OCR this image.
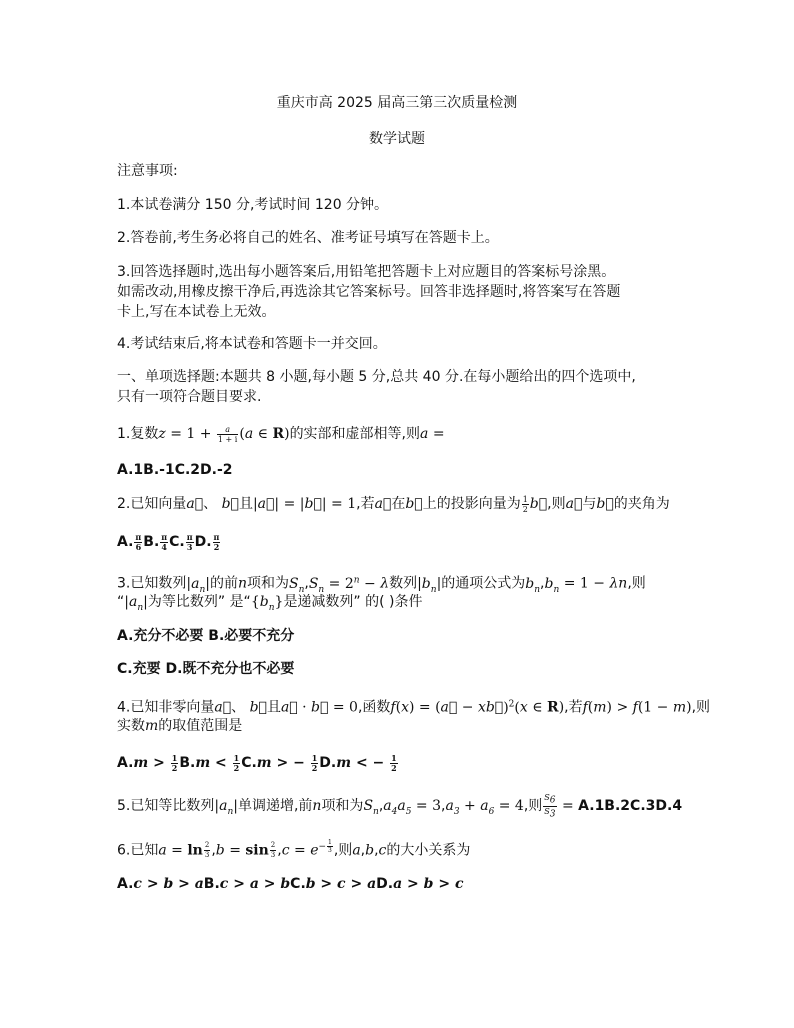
重庆市高 2025 届高三第三次质量检测
数学试题
注意事项:
1.本试卷满分 150 分,考试时间 120 分钟。
2.答卷前,考生务必将自己的姓名、准考证号填写在答题卡上。
3.回答选择题时,选出每小题答案后,用铅笔把答题卡上对应题目的答案标号涂黑。
如需改动,用橡皮擦干净后,再选涂其它答案标号。回答非选择题时,将答案写在答题
卡上,写在本试卷上无效。
4.考试结束后,将本试卷和答题卡一并交回。
一、单项选择题:本题共 8 小题,每小题 5 分,总共 40 分.在每小题给出的四个选项中,
只有一项符合题目要求.
1.复数$z = 1 + \frac{a}{1 + i} (a$ ∈ R)的实部和虚部相等,则a =
A.1B.-1C.2D.-2
2.已知向量a⃗、 b⃗且|a⃗| = |b⃗| = 1,若a⃗在b⃗上的投影向量为 $\frac{1}{2}$ b⃗,则a⃗与b⃗的夹角为
A. $\frac{\pi}{6} B$. $\frac{\pi}{4} C$. $\frac{\pi}{3} D$. $\frac{\pi}{2}$
3.已知数列$|a_n|$的前n项和为$S_n,S_n = 2^n - \lambda$数列$|b_n|$的通项公式为$b_n,b_n = 1 - \lambda n$,则
“$|a_n|$为等比数列” 是“$\{b_n\}$是递减数列” 的( )条件
A.充分不必要 B.必要不充分
C.充要 D.既不充分也不必要
4.已知非零向量a⃗、 b⃗且a⃗ · b⃗ = 0,函数f(x) = (a⃗ − xb⃗)$^2$(x ∈ R),若f(m) > f(1 − m),则
实数m的取值范围是
$A.m > \frac{1}{2} B.m < \frac{1}{2} C.m$ > − $\frac{1}{2} D.m$ < − $\frac{1}{2}$
5.已知等比数列$|a_n|$单调递增,前n项和为$S_n,a_4a_5 = 3,a_3 + a_6 = 4$,则 $\frac{S_6}{S_3} = A.1B.2C.3D.4$
6.已知$a = \ln \frac{2}{3} ,b = \sin \frac{2}{3} ,c = e^{- \frac{1}{3}}$ ,则a,b,c的大小关系为
A.c > b > aB.c > a > bC.b > c > aD.a > b > c
